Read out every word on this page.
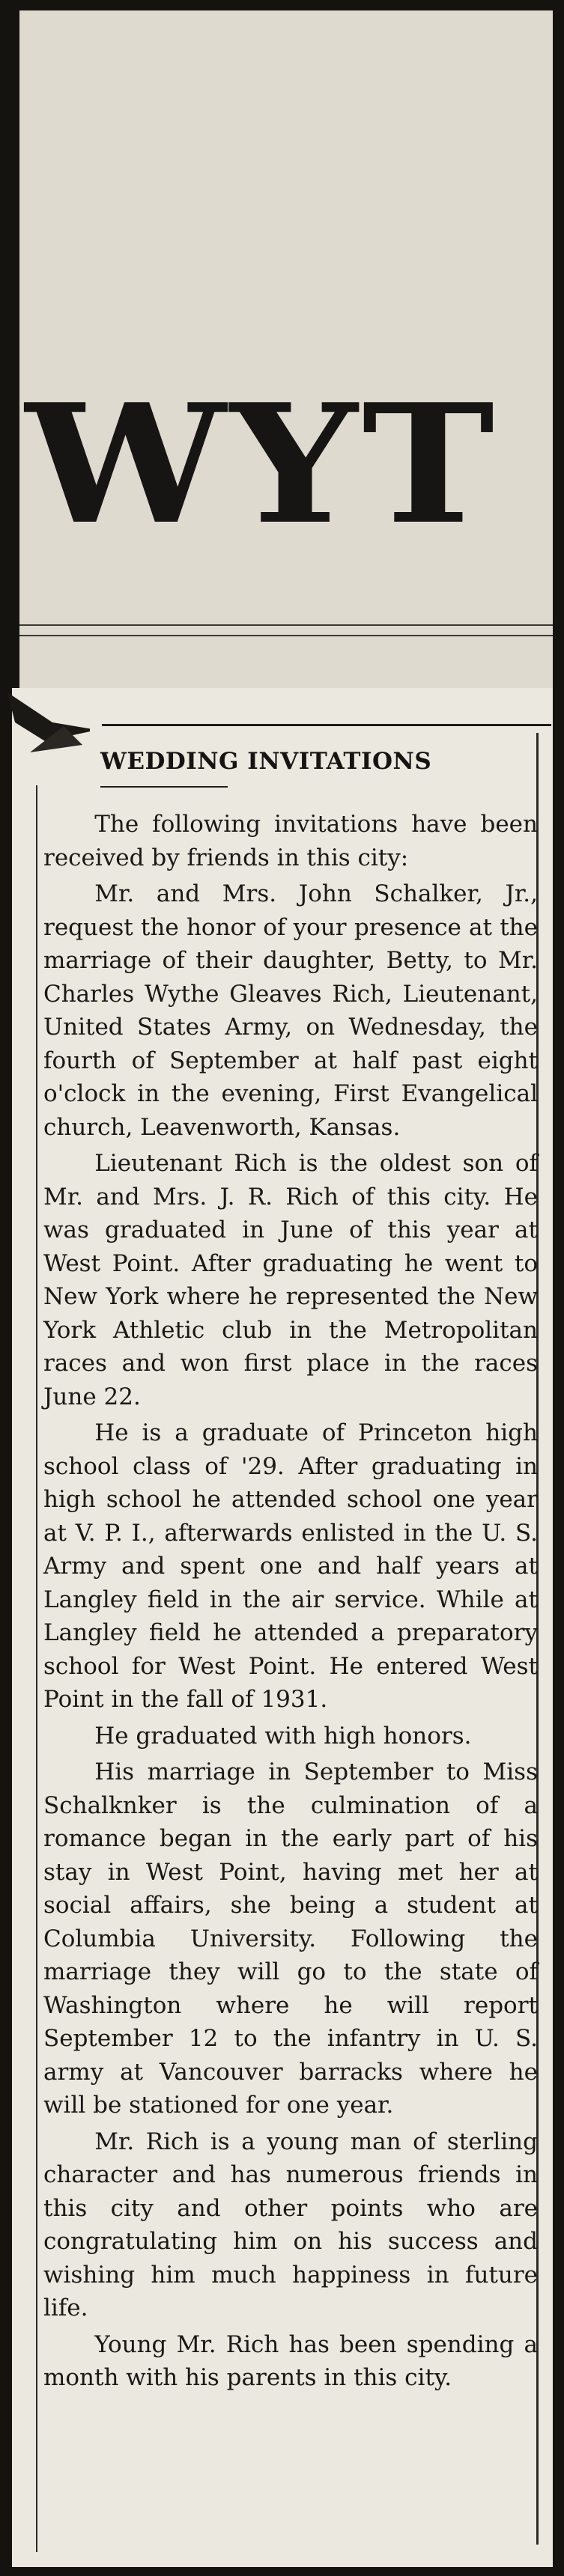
WYT
WEDDING INVITATIONS

The following invitations have been received by friends in this city:

Mr. and Mrs. John Schalker, Jr., request the honor of your presence at the marriage of their daughter, Betty, to Mr. Charles Wythe Gleaves Rich, Lieutenant, United States Army, on Wednesday, the fourth of September at half past eight o'clock in the evening, First Evangelical church, Leavenworth, Kansas.

Lieutenant Rich is the oldest son of Mr. and Mrs. J. R. Rich of this city. He was graduated in June of this year at West Point. After graduating he went to New York where he represented the New York Athletic club in the Metropolitan races and won first place in the races June 22.

He is a graduate of Princeton high school class of '29. After graduating in high school he attended school one year at V. P. I., afterwards enlisted in the U. S. Army and spent one and half years at Langley field in the air service. While at Langley field he attended a preparatory school for West Point. He entered West Point in the fall of 1931.

He graduated with high honors.

His marriage in September to Miss Schalknker is the culmination of a romance began in the early part of his stay in West Point, having met her at social affairs, she being a student at Columbia University. Following the marriage they will go to the state of Washington where he will report September 12 to the infantry in U. S. army at Vancouver barracks where he will be stationed for one year.

Mr. Rich is a young man of sterling character and has numerous friends in this city and other points who are congratulating him on his success and wishing him much happiness in future life.

Young Mr. Rich has been spending a month with his parents in this city.
